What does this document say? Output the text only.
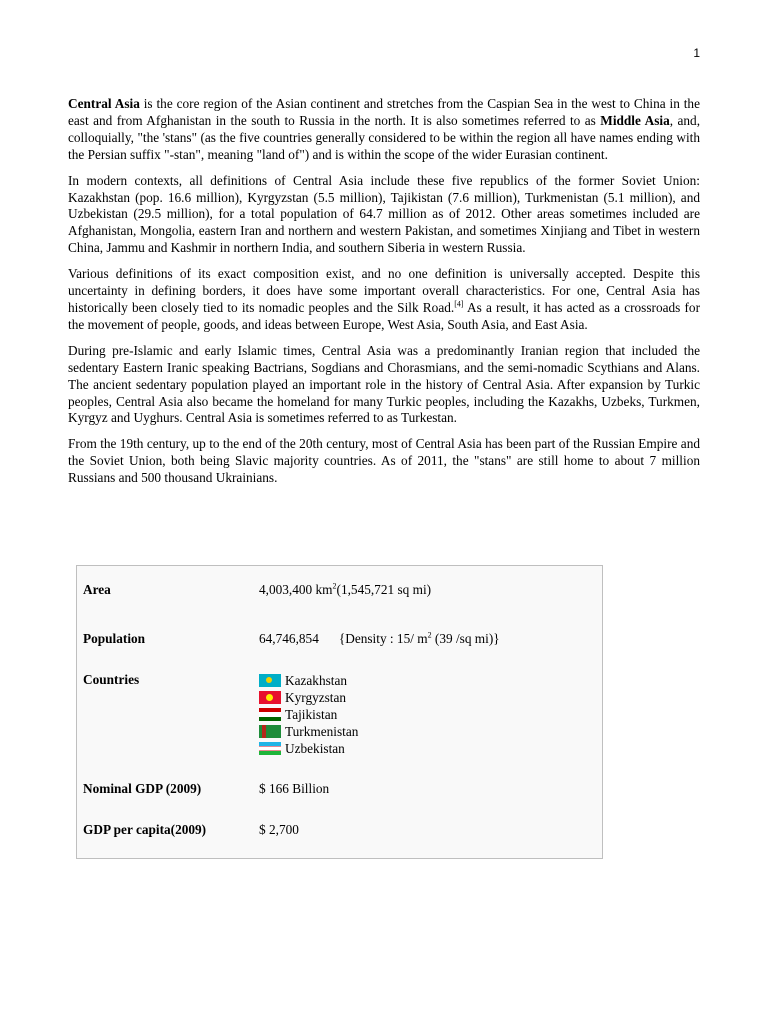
1

Central Asia is the core region of the Asian continent and stretches from the Caspian Sea in the west to China in the east and from Afghanistan in the south to Russia in the north. It is also sometimes referred to as Middle Asia, and, colloquially, "the 'stans" (as the five countries generally considered to be within the region all have names ending with the Persian suffix "-stan", meaning "land of") and is within the scope of the wider Eurasian continent.

In modern contexts, all definitions of Central Asia include these five republics of the former Soviet Union: Kazakhstan (pop. 16.6 million), Kyrgyzstan (5.5 million), Tajikistan (7.6 million), Turkmenistan (5.1 million), and Uzbekistan (29.5 million), for a total population of 64.7 million as of 2012. Other areas sometimes included are Afghanistan, Mongolia, eastern Iran and northern and western Pakistan, and sometimes Xinjiang and Tibet in western China, Jammu and Kashmir in northern India, and southern Siberia in western Russia.

Various definitions of its exact composition exist, and no one definition is universally accepted. Despite this uncertainty in defining borders, it does have some important overall characteristics. For one, Central Asia has historically been closely tied to its nomadic peoples and the Silk Road.[4] As a result, it has acted as a crossroads for the movement of people, goods, and ideas between Europe, West Asia, South Asia, and East Asia.

During pre-Islamic and early Islamic times, Central Asia was a predominantly Iranian region that included the sedentary Eastern Iranic speaking Bactrians, Sogdians and Chorasmians, and the semi-nomadic Scythians and Alans. The ancient sedentary population played an important role in the history of Central Asia. After expansion by Turkic peoples, Central Asia also became the homeland for many Turkic peoples, including the Kazakhs, Uzbeks, Turkmen, Kyrgyz and Uyghurs. Central Asia is sometimes referred to as Turkestan.

From the 19th century, up to the end of the 20th century, most of Central Asia has been part of the Russian Empire and the Soviet Union, both being Slavic majority countries. As of 2011, the "stans" are still home to about 7 million Russians and 500 thousand Ukrainians.

Area	4,003,400 $km^2(1,545,721$ sq mi)
Population	64,746,854 {Density : 15/ $m^2$ (39 /sq mi)}
Countries	Kazakhstan
Kyrgyzstan
Tajikistan
Turkmenistan
Uzbekistan
Nominal GDP (2009)	$ 166 Billion
GDP per capita(2009)	$ 2,700
